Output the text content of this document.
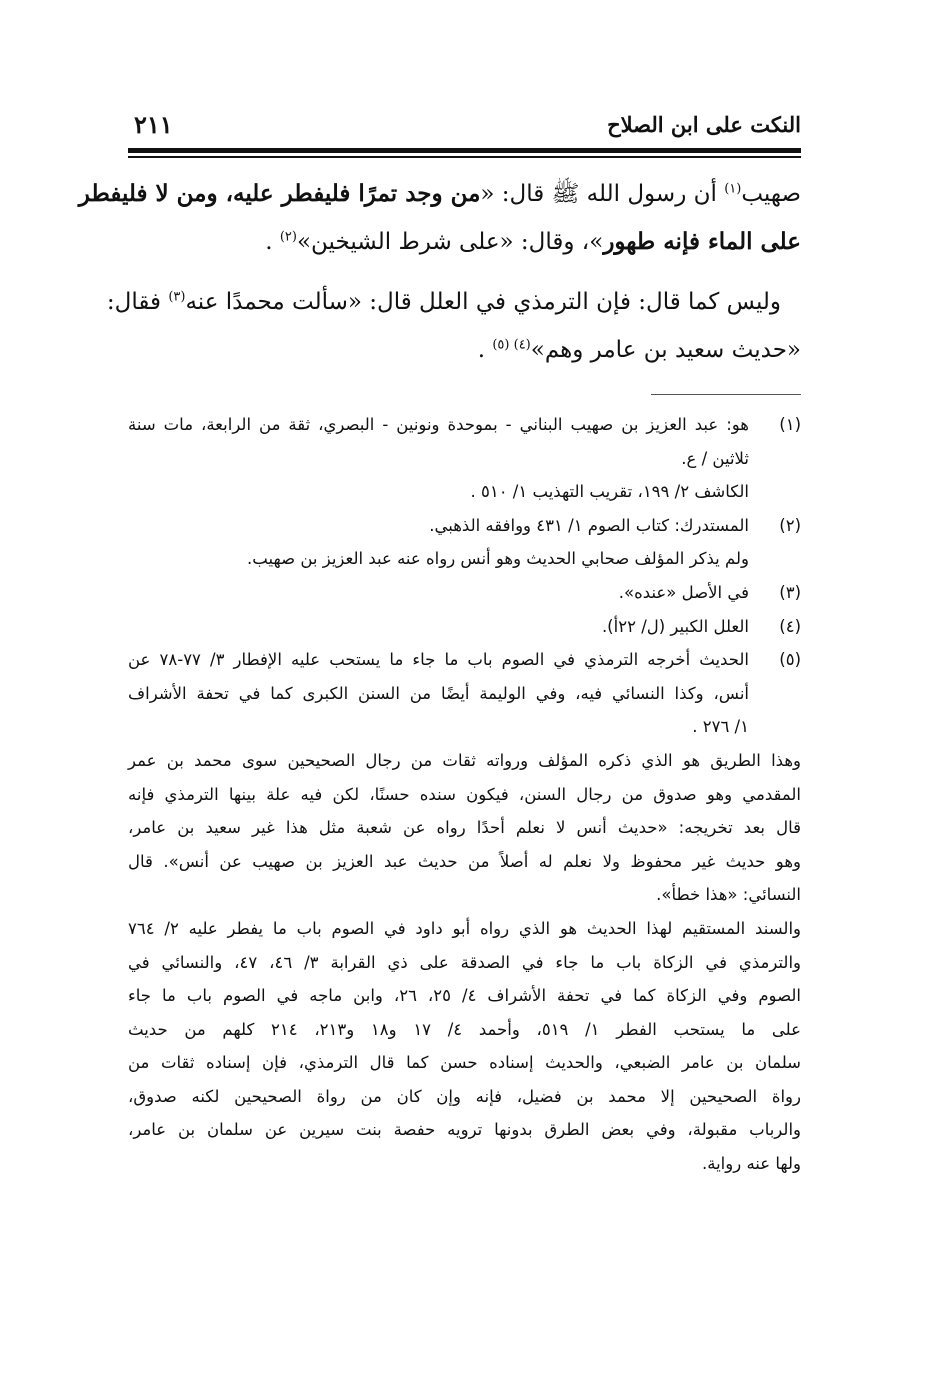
النكت على ابن الصلاح
٢١١
صهيب$^{(١)}$ أن رسول الله ﷺ قال: «من وجد تمرًا فليفطر عليه، ومن لا فليفطر
على الماء فإنه طهور»، وقال: «على شرط الشيخين»$^{(٢)}$ .
وليس كما قال: فإن الترمذي في العلل قال: «سألت محمدًا عنه$^{(٣)}$ فقال:
«حديث سعيد بن عامر وهم»$^{(٤) (٥)}$ .
(١)هو: عبد العزيز بن صهيب البناني - بموحدة ونونين - البصري، ثقة من الرابعة، مات سنة
ثلاثين / ع.
الكاشف ٢/ ١٩٩، تقريب التهذيب ١/ ٥١٠ .
(٢)المستدرك: كتاب الصوم ١/ ٤٣١ ووافقه الذهبي.
ولم يذكر المؤلف صحابي الحديث وهو أنس رواه عنه عبد العزيز بن صهيب.
(٣)في الأصل «عنده».
(٤)العلل الكبير (ل/ ٢٢أ).
(٥)الحديث أخرجه الترمذي في الصوم باب ما جاء ما يستحب عليه الإفطار ٣/ ٧٧-٧٨ عن
أنس، وكذا النسائي فيه، وفي الوليمة أيضًا من السنن الكبرى كما في تحفة الأشراف
١/ ٢٧٦ .
وهذا الطريق هو الذي ذكره المؤلف ورواته ثقات من رجال الصحيحين سوى محمد بن عمر
المقدمي وهو صدوق من رجال السنن، فيكون سنده حسنًا، لكن فيه علة بينها الترمذي فإنه
قال بعد تخريجه: «حديث أنس لا نعلم أحدًا رواه عن شعبة مثل هذا غير سعيد بن عامر،
وهو حديث غير محفوظ ولا نعلم له أصلاً من حديث عبد العزيز بن صهيب عن أنس». قال
النسائي: «هذا خطأ».
والسند المستقيم لهذا الحديث هو الذي رواه أبو داود في الصوم باب ما يفطر عليه ٢/ ٧٦٤
والترمذي في الزكاة باب ما جاء في الصدقة على ذي القرابة ٣/ ٤٦، ٤٧، والنسائي في
الصوم وفي الزكاة كما في تحفة الأشراف ٤/ ٢٥، ٢٦، وابن ماجه في الصوم باب ما جاء
على ما يستحب الفطر ١/ ٥١٩، وأحمد ٤/ ١٧ و١٨ و٢١٣، ٢١٤ كلهم من حديث
سلمان بن عامر الضبعي، والحديث إسناده حسن كما قال الترمذي، فإن إسناده ثقات من
رواة الصحيحين إلا محمد بن فضيل، فإنه وإن كان من رواة الصحيحين لكنه صدوق،
والرباب مقبولة، وفي بعض الطرق بدونها ترويه حفصة بنت سيرين عن سلمان بن عامر،
ولها عنه رواية.
